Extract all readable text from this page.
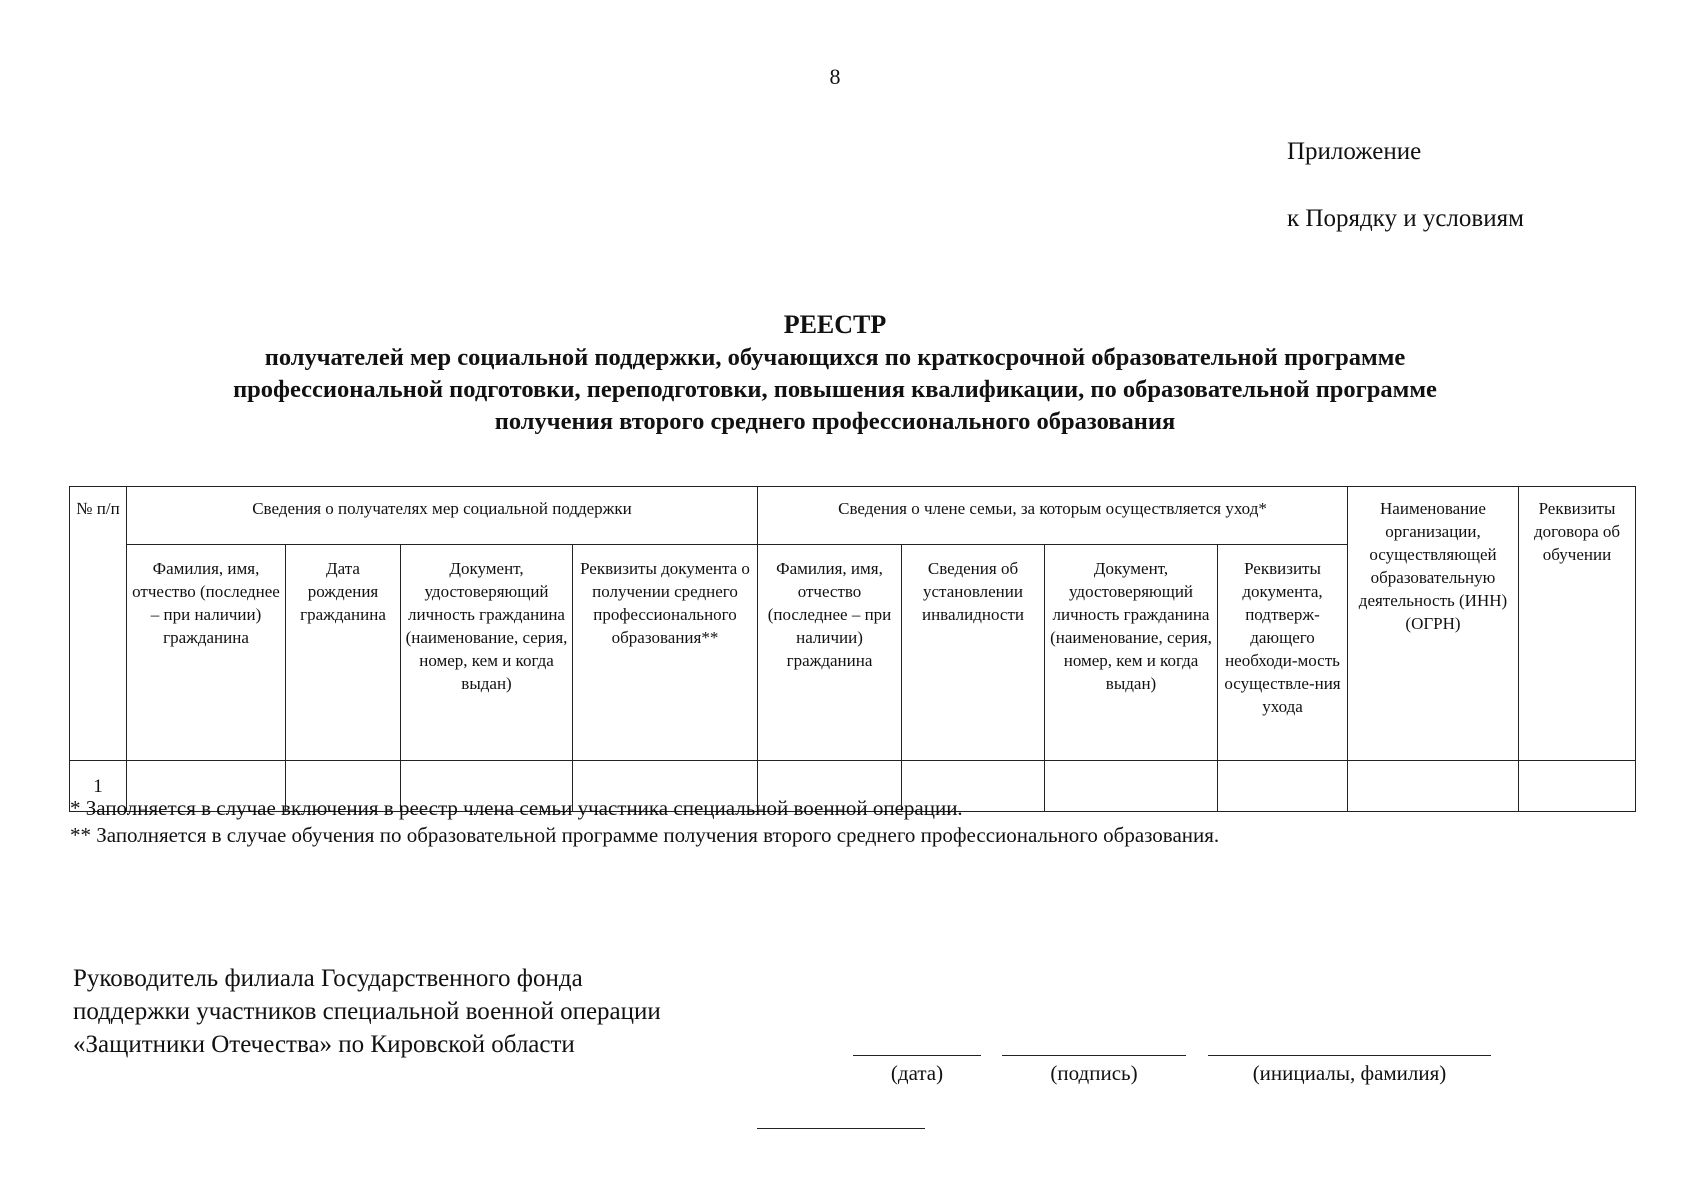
8
Приложение
к Порядку и условиям
РЕЕСТР
получателей мер социальной поддержки, обучающихся по краткосрочной образовательной программе
профессиональной подготовки, переподготовки, повышения квалификации, по образовательной программе
получения второго среднего профессионального образования
№ п/п	Сведения о получателях мер социальной поддержки				Сведения о члене семьи, за которым осуществляется уход*				Наименование организации, осуществляющей образовательную деятельность (ИНН) (ОГРН)	Реквизиты договора об обучении
	Фамилия, имя, отчество (последнее – при наличии) гражданина	Дата рождения гражданина	Документ, удостоверяющий личность гражданина (наименование, серия, номер, кем и когда выдан)	Реквизиты документа о получении среднего профессионального образования**	Фамилия, имя, отчество (последнее – при наличии) гражданина	Сведения об установлении инвалидности	Документ, удостоверяющий личность гражданина (наименование, серия, номер, кем и когда выдан)	Реквизиты документа, подтверж-дающего необходи-мость осуществле-ния ухода		
1										
* Заполняется в случае включения в реестр члена семьи участника специальной военной операции.
** Заполняется в случае обучения по образовательной программе получения второго среднего профессионального образования.
Руководитель филиала Государственного фонда
поддержки участников специальной военной операции
«Защитники Отечества» по Кировской области
(дата)	(подпись)	(инициалы, фамилия)
